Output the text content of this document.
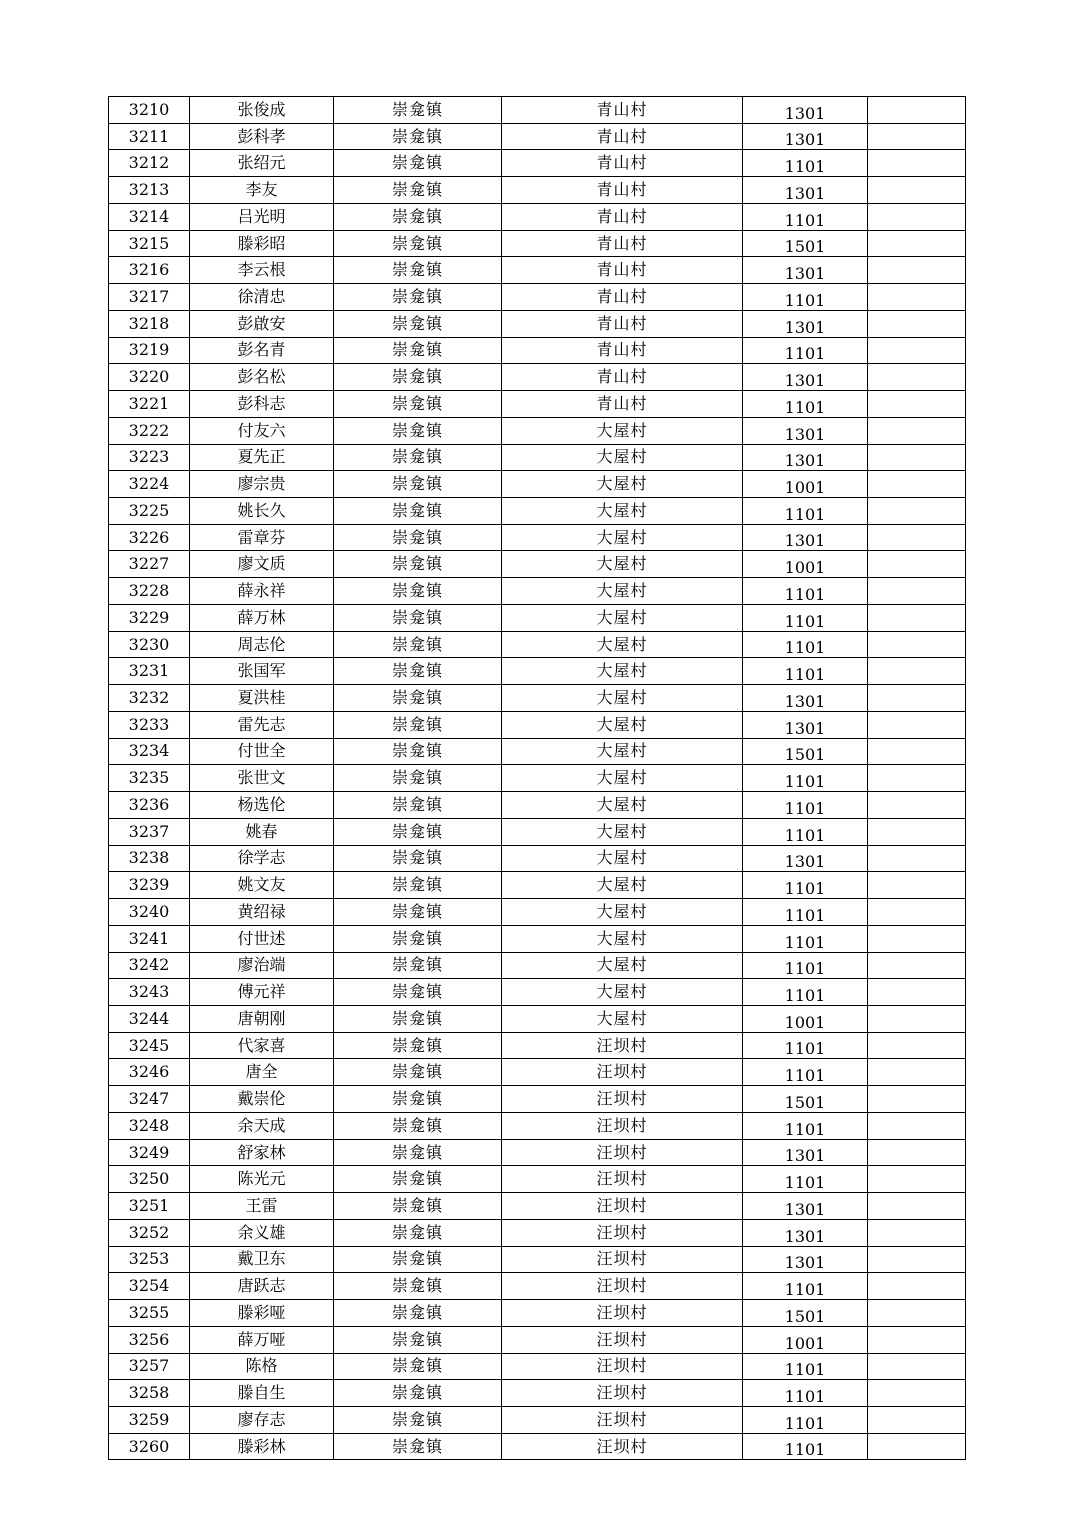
3210	张俊成	崇龛镇	青山村	1301	
3211	彭科孝	崇龛镇	青山村	1301	
3212	张绍元	崇龛镇	青山村	1101	
3213	李友	崇龛镇	青山村	1301	
3214	吕光明	崇龛镇	青山村	1101	
3215	滕彩昭	崇龛镇	青山村	1501	
3216	李云根	崇龛镇	青山村	1301	
3217	徐清忠	崇龛镇	青山村	1101	
3218	彭啟安	崇龛镇	青山村	1301	
3219	彭名青	崇龛镇	青山村	1101	
3220	彭名松	崇龛镇	青山村	1301	
3221	彭科志	崇龛镇	青山村	1101	
3222	付友六	崇龛镇	大屋村	1301	
3223	夏先正	崇龛镇	大屋村	1301	
3224	廖宗贵	崇龛镇	大屋村	1001	
3225	姚长久	崇龛镇	大屋村	1101	
3226	雷章芬	崇龛镇	大屋村	1301	
3227	廖文质	崇龛镇	大屋村	1001	
3228	薛永祥	崇龛镇	大屋村	1101	
3229	薛万林	崇龛镇	大屋村	1101	
3230	周志伦	崇龛镇	大屋村	1101	
3231	张国军	崇龛镇	大屋村	1101	
3232	夏洪桂	崇龛镇	大屋村	1301	
3233	雷先志	崇龛镇	大屋村	1301	
3234	付世全	崇龛镇	大屋村	1501	
3235	张世文	崇龛镇	大屋村	1101	
3236	杨选伦	崇龛镇	大屋村	1101	
3237	姚春	崇龛镇	大屋村	1101	
3238	徐学志	崇龛镇	大屋村	1301	
3239	姚文友	崇龛镇	大屋村	1101	
3240	黄绍禄	崇龛镇	大屋村	1101	
3241	付世述	崇龛镇	大屋村	1101	
3242	廖治端	崇龛镇	大屋村	1101	
3243	傅元祥	崇龛镇	大屋村	1101	
3244	唐朝刚	崇龛镇	大屋村	1001	
3245	代家喜	崇龛镇	汪坝村	1101	
3246	唐全	崇龛镇	汪坝村	1101	
3247	戴崇伦	崇龛镇	汪坝村	1501	
3248	余天成	崇龛镇	汪坝村	1101	
3249	舒家林	崇龛镇	汪坝村	1301	
3250	陈光元	崇龛镇	汪坝村	1101	
3251	王雷	崇龛镇	汪坝村	1301	
3252	余义雄	崇龛镇	汪坝村	1301	
3253	戴卫东	崇龛镇	汪坝村	1301	
3254	唐跃志	崇龛镇	汪坝村	1101	
3255	滕彩哑	崇龛镇	汪坝村	1501	
3256	薛万哑	崇龛镇	汪坝村	1001	
3257	陈格	崇龛镇	汪坝村	1101	
3258	滕自生	崇龛镇	汪坝村	1101	
3259	廖存志	崇龛镇	汪坝村	1101	
3260	滕彩林	崇龛镇	汪坝村	1101	
